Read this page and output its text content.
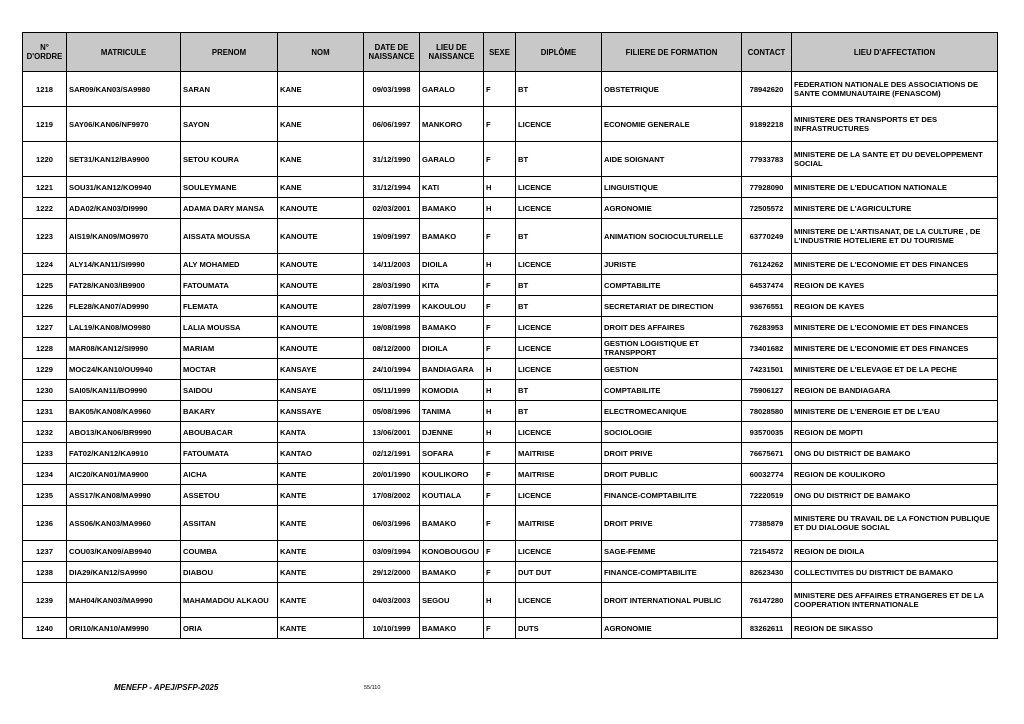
N° D'ORDRE	MATRICULE	PRENOM	NOM	DATE DE NAISSANCE	LIEU DE NAISSANCE	SEXE	DIPLÔME	FILIERE DE FORMATION	CONTACT	LIEU D'AFFECTATION
1218	SAR09/KAN03/SA9980	SARAN	KANE	09/03/1998	GARALO	F	BT	OBSTETRIQUE	78942620	FEDERATION NATIONALE DES ASSOCIATIONS DE SANTE COMMUNAUTAIRE (FENASCOM)
1219	SAY06/KAN06/NF9970	SAYON	KANE	06/06/1997	MANKORO	F	LICENCE	ECONOMIE GENERALE	91892218	MINISTERE DES TRANSPORTS ET DES INFRASTRUCTURES
1220	SET31/KAN12/BA9900	SETOU KOURA	KANE	31/12/1990	GARALO	F	BT	AIDE SOIGNANT	77933783	MINISTERE DE LA SANTE ET DU DEVELOPPEMENT SOCIAL
1221	SOU31/KAN12/KO9940	SOULEYMANE	KANE	31/12/1994	KATI	H	LICENCE	LINGUISTIQUE	77928090	MINISTERE DE L'EDUCATION NATIONALE
1222	ADA02/KAN03/DI9990	ADAMA DARY MANSA	KANOUTE	02/03/2001	BAMAKO	H	LICENCE	AGRONOMIE	72505572	MINISTERE DE L'AGRICULTURE
1223	AIS19/KAN09/MO9970	AISSATA MOUSSA	KANOUTE	19/09/1997	BAMAKO	F	BT	ANIMATION SOCIOCULTURELLE	63770249	MINISTERE DE L'ARTISANAT, DE LA CULTURE , DE L'INDUSTRIE HOTELIERE ET DU TOURISME
1224	ALY14/KAN11/SI9990	ALY MOHAMED	KANOUTE	14/11/2003	DIOILA	H	LICENCE	JURISTE	76124262	MINISTERE DE L'ECONOMIE ET DES FINANCES
1225	FAT28/KAN03/IB9900	FATOUMATA	KANOUTE	28/03/1990	KITA	F	BT	COMPTABILITE	64537474	REGION DE KAYES
1226	FLE28/KAN07/AD9990	FLEMATA	KANOUTE	28/07/1999	KAKOULOU	F	BT	SECRETARIAT DE DIRECTION	93676551	REGION DE KAYES
1227	LAL19/KAN08/MO9980	LALIA MOUSSA	KANOUTE	19/08/1998	BAMAKO	F	LICENCE	DROIT DES AFFAIRES	76283953	MINISTERE DE L'ECONOMIE ET DES FINANCES
1228	MAR08/KAN12/SI9990	MARIAM	KANOUTE	08/12/2000	DIOILA	F	LICENCE	GESTION LOGISTIQUE ET TRANSPPORT	73401682	MINISTERE DE L'ECONOMIE ET DES FINANCES
1229	MOC24/KAN10/OU9940	MOCTAR	KANSAYE	24/10/1994	BANDIAGARA	H	LICENCE	GESTION	74231501	MINISTERE DE L'ELEVAGE ET DE LA PECHE
1230	SAI05/KAN11/BO9990	SAIDOU	KANSAYE	05/11/1999	KOMODIA	H	BT	COMPTABILITE	75906127	REGION DE BANDIAGARA
1231	BAK05/KAN08/KA9960	BAKARY	KANSSAYE	05/08/1996	TANIMA	H	BT	ELECTROMECANIQUE	78028580	MINISTERE DE L'ENERGIE ET DE L'EAU
1232	ABO13/KAN06/BR9990	ABOUBACAR	KANTA	13/06/2001	DJENNE	H	LICENCE	SOCIOLOGIE	93570035	REGION DE MOPTI
1233	FAT02/KAN12/KA9910	FATOUMATA	KANTAO	02/12/1991	SOFARA	F	MAITRISE	DROIT PRIVE	76675671	ONG DU DISTRICT DE BAMAKO
1234	AIC20/KAN01/MA9900	AICHA	KANTE	20/01/1990	KOULIKORO	F	MAITRISE	DROIT PUBLIC	60032774	REGION DE KOULIKORO
1235	ASS17/KAN08/MA9990	ASSETOU	KANTE	17/08/2002	KOUTIALA	F	LICENCE	FINANCE-COMPTABILITE	72220519	ONG DU DISTRICT DE BAMAKO
1236	ASS06/KAN03/MA9960	ASSITAN	KANTE	06/03/1996	BAMAKO	F	MAITRISE	DROIT PRIVE	77385879	MINISTERE DU TRAVAIL DE LA FONCTION PUBLIQUE ET DU DIALOGUE SOCIAL
1237	COU03/KAN09/AB9940	COUMBA	KANTE	03/09/1994	KONOBOUGOU	F	LICENCE	SAGE-FEMME	72154572	REGION DE DIOILA
1238	DIA29/KAN12/SA9990	DIABOU	KANTE	29/12/2000	BAMAKO	F	DUT DUT	FINANCE-COMPTABILITE	82623430	COLLECTIVITES DU DISTRICT DE BAMAKO
1239	MAH04/KAN03/MA9990	MAHAMADOU ALKAOU	KANTE	04/03/2003	SEGOU	H	LICENCE	DROIT INTERNATIONAL PUBLIC	76147280	MINISTERE DES AFFAIRES ETRANGERES ET DE LA COOPERATION INTERNATIONALE
1240	ORI10/KAN10/AM9990	ORIA	KANTE	10/10/1999	BAMAKO	F	DUTS	AGRONOMIE	83262611	REGION DE SIKASSO
MENEFP - APEJ/PSFP-2025	55/110
